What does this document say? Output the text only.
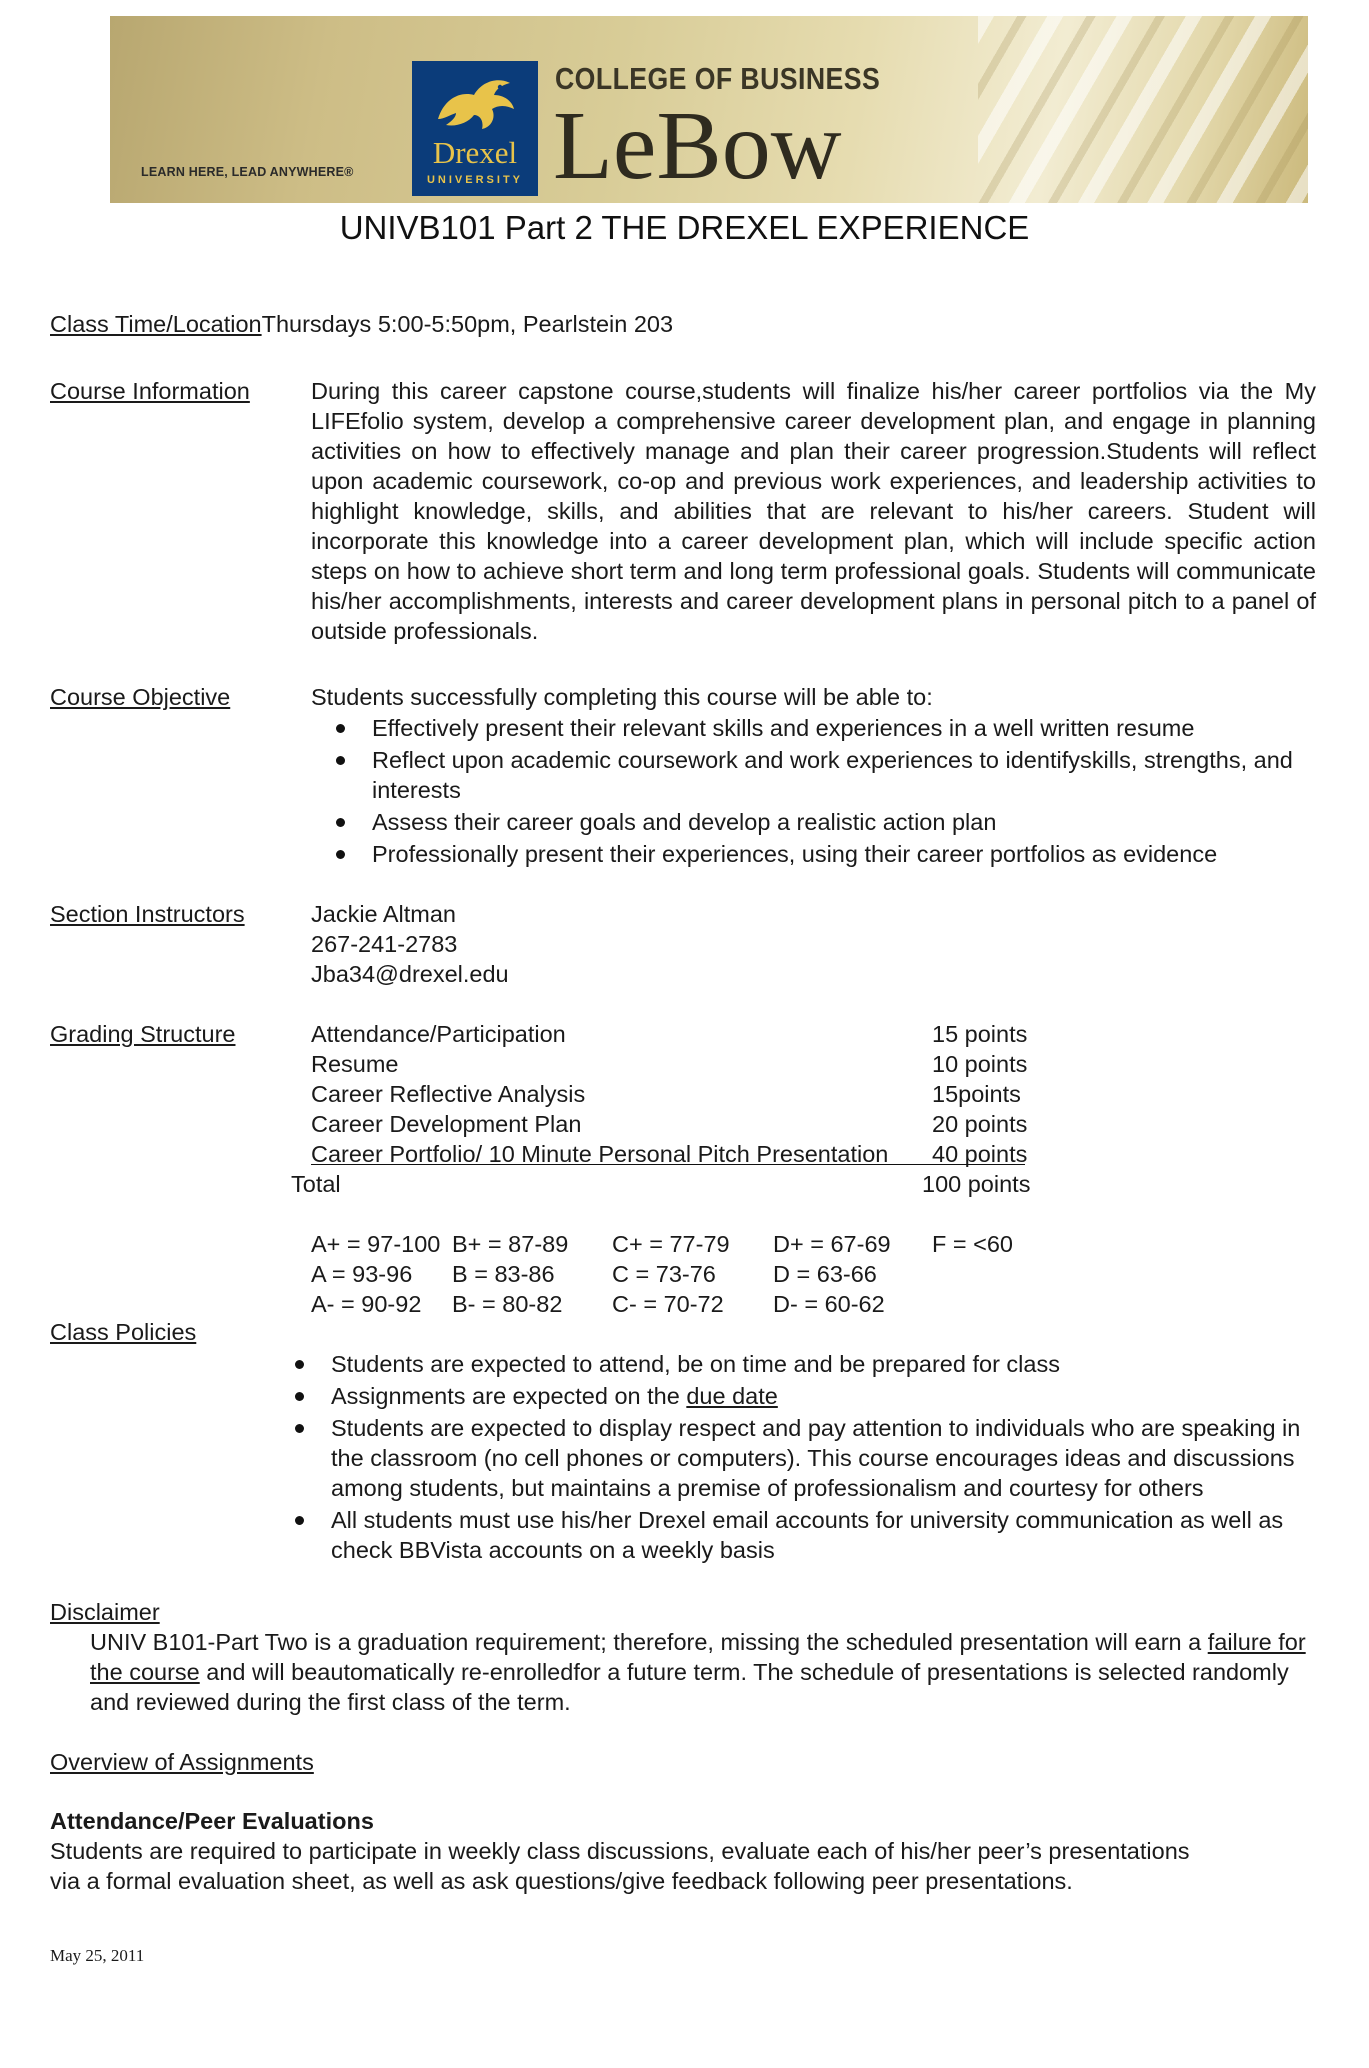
LEARN HERE, LEAD ANYWHERE®
Drexel
UNIVERSITY
COLLEGE OF BUSINESS
LeBow
UNIVB101 Part 2 THE DREXEL EXPERIENCE
Class Time/LocationThursdays 5:00-5:50pm, Pearlstein 203
Course Information	During this career capstone course,students will finalize his/her career portfolios via the My LIFEfolio system, develop a comprehensive career development plan, and engage in planning activities on how to effectively manage and plan their career progression.Students will reflect upon academic coursework, co-op and previous work experiences, and leadership activities to highlight knowledge, skills, and abilities that are relevant to his/her careers. Student will incorporate this knowledge into a career development plan, which will include specific action steps on how to achieve short term and long term professional goals. Students will communicate his/her accomplishments, interests and career development plans in personal pitch to a panel of outside professionals.
Course Objective	Students successfully completing this course will be able to:
Effectively present their relevant skills and experiences in a well written resume
Reflect upon academic coursework and work experiences to identifyskills, strengths, and interests
Assess their career goals and develop a realistic action plan
Professionally present their experiences, using their career portfolios as evidence
Section Instructors	Jackie Altman
267-241-2783
Jba34@drexel.edu
Grading Structure	Attendance/Participation	15 points
Resume	10 points
Career Reflective Analysis	15points
Career Development Plan	20 points
Career Portfolio/ 10 Minute Personal Pitch Presentation 40 points
Total	100 points
A+ = 97-100 B+ = 87-89 C+ = 77-79 D+ = 67-69 F = <60
A = 93-96 B = 83-86 C = 73-76 D = 63-66
A- = 90-92 B- = 80-82 C- = 70-72 D- = 60-62
Class Policies
Students are expected to attend, be on time and be prepared for class
Assignments are expected on the due date
Students are expected to display respect and pay attention to individuals who are speaking in the classroom (no cell phones or computers). This course encourages ideas and discussions among students, but maintains a premise of professionalism and courtesy for others
All students must use his/her Drexel email accounts for university communication as well as check BBVista accounts on a weekly basis
Disclaimer
UNIV B101-Part Two is a graduation requirement; therefore, missing the scheduled presentation will earn a failure for the course and will beautomatically re-enrolledfor a future term. The schedule of presentations is selected randomly and reviewed during the first class of the term.
Overview of Assignments
Attendance/Peer Evaluations
Students are required to participate in weekly class discussions, evaluate each of his/her peer’s presentations
via a formal evaluation sheet, as well as ask questions/give feedback following peer presentations.
May 25, 2011
